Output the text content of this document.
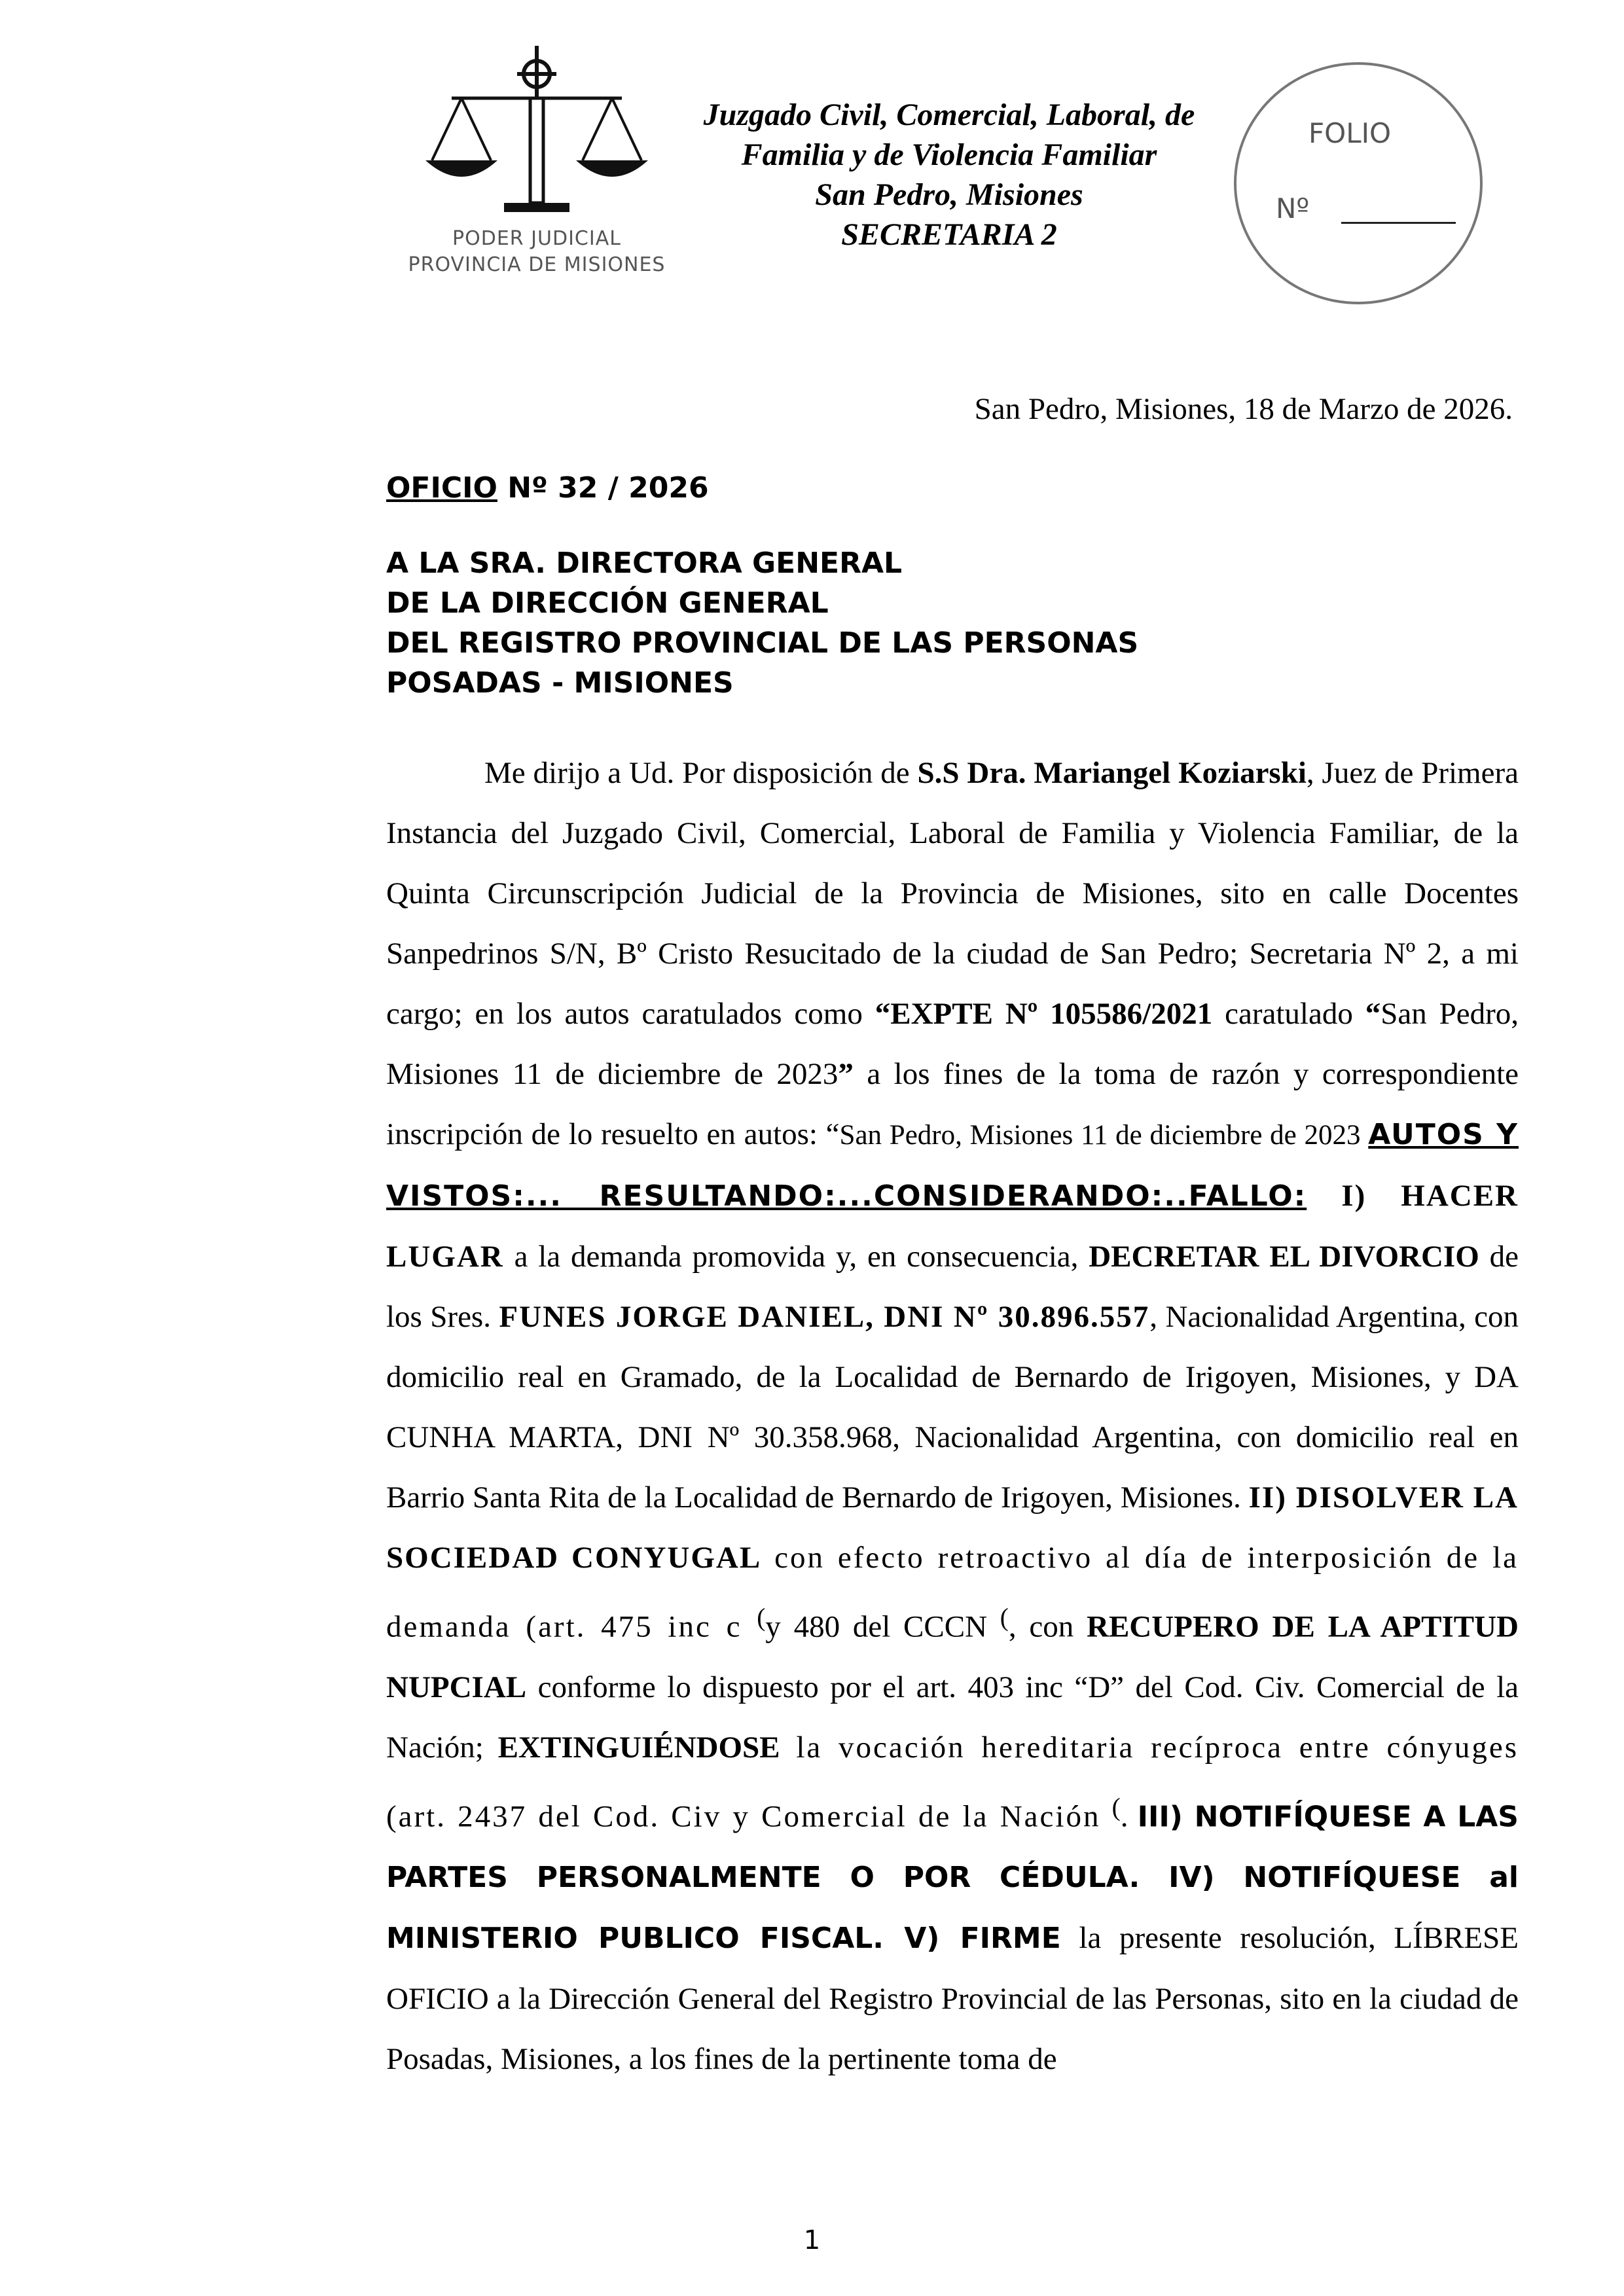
PODER JUDICIAL
PROVINCIA DE MISIONES
Juzgado Civil, Comercial, Laboral, de
Familia y de Violencia Familiar
San Pedro, Misiones
SECRETARIA 2
FOLIO
Nº
San Pedro, Misiones, 18 de Marzo de 2026.
OFICIO Nº 32 / 2026
A LA SRA. DIRECTORA GENERAL
DE LA DIRECCIÓN GENERAL
DEL REGISTRO PROVINCIAL DE LAS PERSONAS
POSADAS - MISIONES

Me dirijo a Ud. Por disposición de S.S Dra. Mariangel Koziarski, Juez de Primera Instancia del Juzgado Civil, Comercial, Laboral de Familia y Violencia Familiar, de la Quinta Circunscripción Judicial de la Provincia de Misiones, sito en calle Docentes Sanpedrinos S/N, Bº Cristo Resucitado de la ciudad de San Pedro; Secretaria Nº 2, a mi cargo; en los autos caratulados como “EXPTE Nº 105586/2021 caratulado “San Pedro, Misiones 11 de diciembre de 2023” a los fines de la toma de razón y correspondiente inscripción de lo resuelto en autos: “San Pedro, Misiones 11 de diciembre de 2023 AUTOS Y VISTOS:... RESULTANDO:...CONSIDERANDO:..FALLO: I) HACER LUGAR a la demanda promovida y, en consecuencia, DECRETAR EL DIVORCIO de los Sres. FUNES JORGE DANIEL, DNI Nº 30.896.557, Nacionalidad Argentina, con domicilio real en Gramado, de la Localidad de Bernardo de Irigoyen, Misiones, y DA CUNHA MARTA, DNI Nº 30.358.968, Nacionalidad Argentina, con domicilio real en Barrio Santa Rita de la Localidad de Bernardo de Irigoyen, Misiones. II) DISOLVER LA SOCIEDAD CONYUGAL con efecto retroactivo al día de interposición de la demanda (art. 475 inc c (y 480 del CCCN (, con RECUPERO DE LA APTITUD NUPCIAL conforme lo dispuesto por el art. 403 inc “D” del Cod. Civ. Comercial de la Nación; EXTINGUIÉNDOSE la vocación hereditaria recíproca entre cónyuges (art. 2437 del Cod. Civ y Comercial de la Nación (. III) NOTIFÍQUESE A LAS PARTES PERSONALMENTE O POR CÉDULA. IV) NOTIFÍQUESE al MINISTERIO PUBLICO FISCAL. V) FIRME la presente resolución, LÍBRESE OFICIO a la Dirección General del Registro Provincial de las Personas, sito en la ciudad de Posadas, Misiones, a los fines de la pertinente toma de

1
